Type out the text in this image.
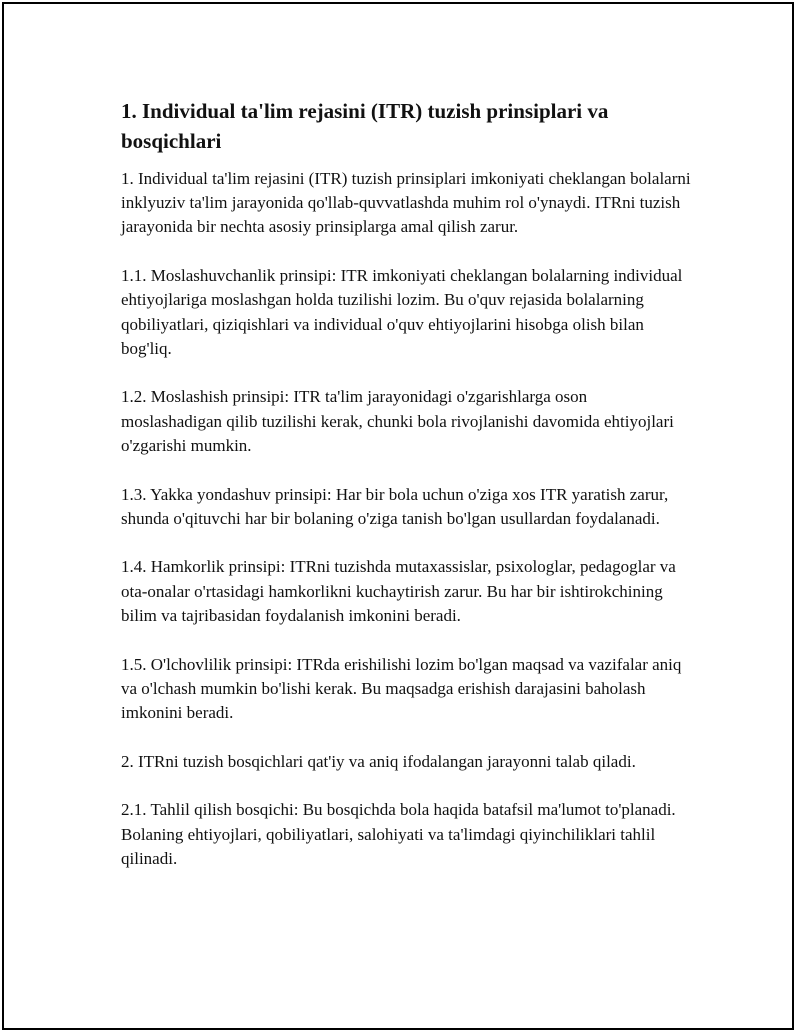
1. Individual ta'lim rejasini (ITR) tuzish prinsiplari va bosqichlari

1. Individual ta'lim rejasini (ITR) tuzish prinsiplari imkoniyati cheklangan bolalarni inklyuziv ta'lim jarayonida qo'llab-quvvatlashda muhim rol o'ynaydi. ITRni tuzish jarayonida bir nechta asosiy prinsiplarga amal qilish zarur.

1.1. Moslashuvchanlik prinsipi: ITR imkoniyati cheklangan bolalarning individual ehtiyojlariga moslashgan holda tuzilishi lozim. Bu o'quv rejasida bolalarning qobiliyatlari, qiziqishlari va individual o'quv ehtiyojlarini hisobga olish bilan bog'liq.

1.2. Moslashish prinsipi: ITR ta'lim jarayonidagi o'zgarishlarga oson moslashadigan qilib tuzilishi kerak, chunki bola rivojlanishi davomida ehtiyojlari o'zgarishi mumkin.

1.3. Yakka yondashuv prinsipi: Har bir bola uchun o'ziga xos ITR yaratish zarur, shunda o'qituvchi har bir bolaning o'ziga tanish bo'lgan usullardan foydalanadi.

1.4. Hamkorlik prinsipi: ITRni tuzishda mutaxassislar, psixologlar, pedagoglar va ota-onalar o'rtasidagi hamkorlikni kuchaytirish zarur. Bu har bir ishtirokchining bilim va tajribasidan foydalanish imkonini beradi.

1.5. O'lchovlilik prinsipi: ITRda erishilishi lozim bo'lgan maqsad va vazifalar aniq va o'lchash mumkin bo'lishi kerak. Bu maqsadga erishish darajasini baholash imkonini beradi.

2. ITRni tuzish bosqichlari qat'iy va aniq ifodalangan jarayonni talab qiladi.

2.1. Tahlil qilish bosqichi: Bu bosqichda bola haqida batafsil ma'lumot to'planadi. Bolaning ehtiyojlari, qobiliyatlari, salohiyati va ta'limdagi qiyinchiliklari tahlil qilinadi.
